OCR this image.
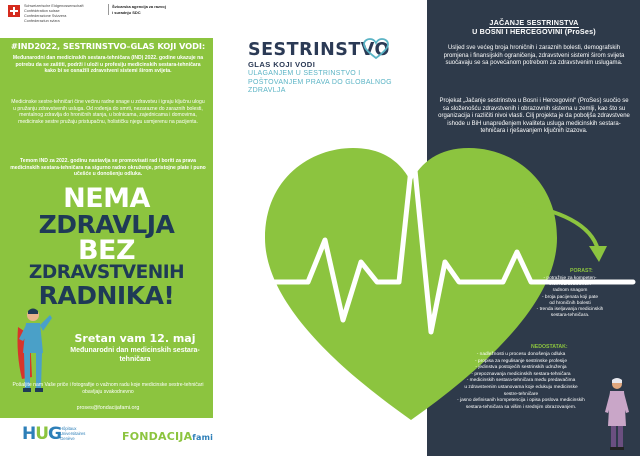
Schweizerische Eidgenossenschaft
Confédération suisse
Confederazione Svizzera
Confederaziun svizra
Švicarska agencija za razvoj
i suradnju SDC
#IND2022, SESTRINSTVO–GLAS KOJI VODI:

Međunarodni dan medicinskih sestara-tehničara (IND) 2022. godine ukazuje na potrebu da se zaštiti, podrži i uloži u profesiju medicinskih sestara-tehničara kako bi se osnažili zdravstveni sistemi širom svijeta.

Medicinske sestre-tehničari čine većinu radne snage u zdravstvu i igraju ključnu ulogu u pružanju zdravstvenih usluga. Od rođenja do smrti, nezarazne do zaraznih bolesti, mentalnog zdravlja do hroničnih stanja, u bolnicama, zajednicama i domovima, medicinske sestre pružaju pristupačnu, holističku njegu usmjerenu na pacijenta.

Temom IND za 2022. godinu nastavlja se promovisati rad i boriti za prava medicinskih sestara-tehničara na sigurno radno okruženje, pristojne plate i puno učešće u donošenju odluka.

NEMA
ZDRAVLJA
BEZ
ZDRAVSTVENIH
RADNIKA!
Sretan vam 12. maj
Međunarodni dan medicinskih sestara-tehničara

Pošaljite nam Vaše priče i fotografije o važnom radu koje medicinske sestre-tehničari obavljaju svakodnevno

proses@fondacijafami.org
HUG
Hôpitaux
Universitaires
Genève	FONDACIJAfami
SESTRINSTVO
GLAS KOJI VODI
ULAGANJEM U SESTRINSTVO I POŠTOVANJEM PRAVA DO GLOBALNOG ZDRAVLJA
JAČANJE SESTRINSTVA
U BOSNI I HERCEGOVINI (ProSes)

Usljed sve većeg broja hroničnih i zaraznih bolesti, demografskih promjena i finansijskih ograničenja, zdravstveni sistemi širom svijeta suočavaju se sa povećanom potrebom za zdravstvenim uslugama.

Projekat „Jačanje sestrinstva u Bosni i Hercegovini“ (ProSes) suočio se sa složenošću zdravstvenih i obrazovnih sistema u zemlji, kao što su organizacija i različiti nivoi vlasti. Cilj projekta je da poboljša zdravstvene ishode u BiH unapređenjem kvaliteta usluga medicinskih sestara-tehničara i rješavanjem ključnih izazova.

PORAST:
- potražnje za kompeten-
tnom zdravstvenom
radnom snagom
- broja pacijenata koji pate
od hroničnih bolesti
- trenda iseljavanja medicinskih
sestara-tehničara.
NEDOSTATAK:
- nadležnosti u procesu donošenja odluka
- propisa za regulisanje sestrinske profesije
- jedinstva postojećih sestrinskih udruženja
- prepoznavanja medicinskih sestara-tehničara
- medicinskih sestara-tehničara među predavačima
u zdravstvenim ustanovama koje edukuju medicinske
sestre-tehničare
- jasno definisanih kompetencija i opisa poslova medicinskih
sestara-tehničara sa višim i srednjim obrazovanjem.
